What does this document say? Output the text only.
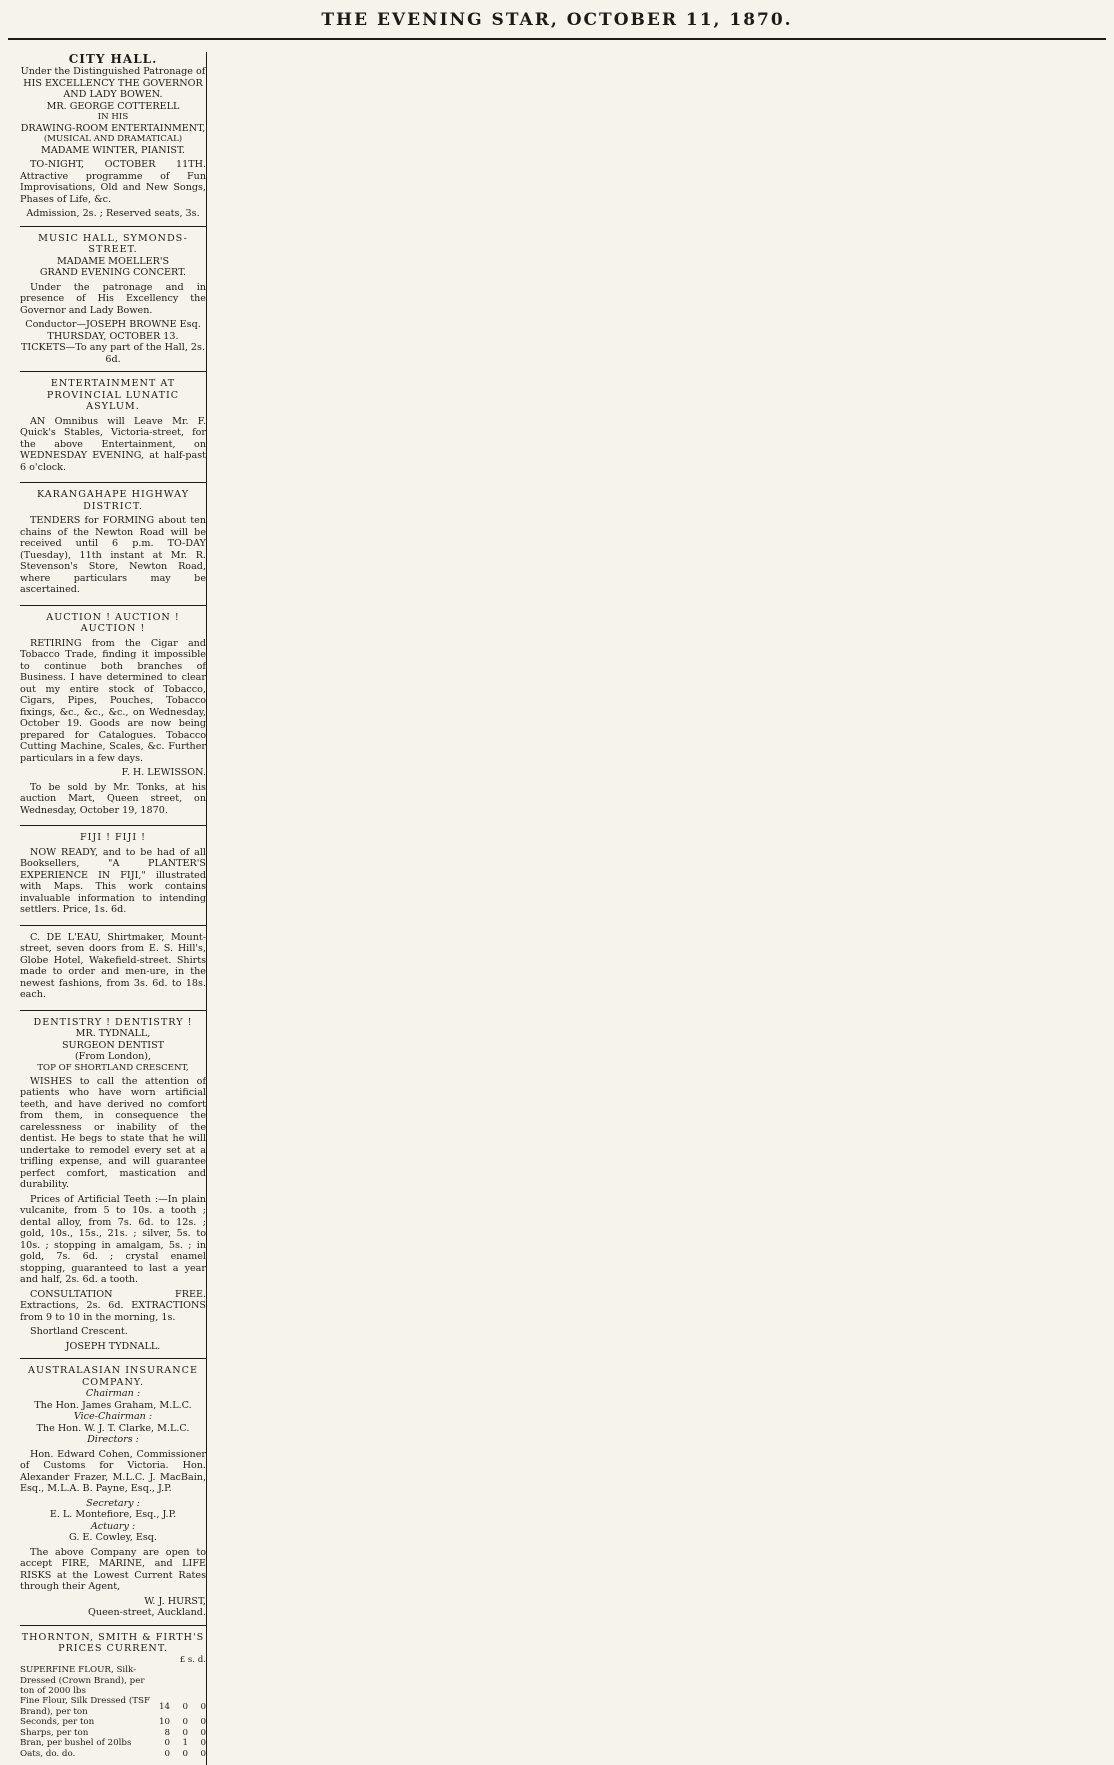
THE EVENING STAR, OCTOBER 11, 1870.
CITY HALL.
Under the Distinguished Patronage of
HIS EXCELLENCY THE GOVERNOR AND LADY BOWEN.
MR. GEORGE COTTERELL
IN HIS
DRAWING-ROOM ENTERTAINMENT,
(MUSICAL AND DRAMATICAL)
MADAME WINTER, PIANIST.
TO-NIGHT, OCTOBER 11TH. Attractive programme of Fun Improvisations, Old and New Songs, Phases of Life, &c.
Admission, 2s. ; Reserved seats, 3s.
MUSIC HALL, SYMONDS-STREET.
MADAME MOELLER'S
GRAND EVENING CONCERT.
Under the patronage and in presence of His Excellency the Governor and Lady Bowen.
Conductor—JOSEPH BROWNE Esq.
THURSDAY, OCTOBER 13.
TICKETS—To any part of the Hall, 2s. 6d.
ENTERTAINMENT AT PROVINCIAL LUNATIC ASYLUM.
AN Omnibus will Leave Mr. F. Quick's Stables, Victoria-street, for the above Entertainment, on WEDNESDAY EVENING, at half-past 6 o'clock.
KARANGAHAPE HIGHWAY DISTRICT.
TENDERS for FORMING about ten chains of the Newton Road will be received until 6 p.m. TO-DAY (Tuesday), 11th instant at Mr. R. Stevenson's Store, Newton Road, where particulars may be ascertained.
AUCTION ! AUCTION ! AUCTION !
RETIRING from the Cigar and Tobacco Trade, finding it impossible to continue both branches of Business. I have determined to clear out my entire stock of Tobacco, Cigars, Pipes, Pouches, Tobacco fixings, &c., &c., &c., on Wednesday, October 19. Goods are now being prepared for Catalogues. Tobacco Cutting Machine, Scales, &c. Further particulars in a few days.
F. H. LEWISSON.
To be sold by Mr. Tonks, at his auction Mart, Queen street, on Wednesday, October 19, 1870.
FIJI ! FIJI !
NOW READY, and to be had of all Booksellers, "A PLANTER'S EXPERIENCE IN FIJI," illustrated with Maps. This work contains invaluable information to intending settlers. Price, 1s. 6d.
C. DE L'EAU, Shirtmaker, Mount-street, seven doors from E. S. Hill's, Globe Hotel, Wakefield-street. Shirts made to order and men-ure, in the newest fashions, from 3s. 6d. to 18s. each.
DENTISTRY ! DENTISTRY !
MR. TYDNALL,
SURGEON DENTIST
(From London),
TOP OF SHORTLAND CRESCENT,
WISHES to call the attention of patients who have worn artificial teeth, and have derived no comfort from them, in consequence the carelessness or inability of the dentist. He begs to state that he will undertake to remodel every set at a trifling expense, and will guarantee perfect comfort, mastication and durability.
Prices of Artificial Teeth :—In plain vulcanite, from 5 to 10s. a tooth ; dental alloy, from 7s. 6d. to 12s. ; gold, 10s., 15s., 21s. ; silver, 5s. to 10s. ; stopping in amalgam, 5s. ; in gold, 7s. 6d. ; crystal enamel stopping, guaranteed to last a year and half, 2s. 6d. a tooth.
CONSULTATION FREE. Extractions, 2s. 6d. EXTRACTIONS from 9 to 10 in the morning, 1s.
Shortland Crescent.
JOSEPH TYDNALL.
AUSTRALASIAN INSURANCE COMPANY.
Chairman :
The Hon. James Graham, M.L.C.
Vice-Chairman :
The Hon. W. J. T. Clarke, M.L.C.
Directors :
Hon. Edward Cohen, Commissioner of Customs for Victoria. Hon. Alexander Frazer, M.L.C. J. MacBain, Esq., M.L.A. B. Payne, Esq., J.P.
Secretary :
E. L. Montefiore, Esq., J.P.
Actuary :
G. E. Cowley, Esq.
The above Company are open to accept FIRE, MARINE, and LIFE RISKS at the Lowest Current Rates through their Agent,
W. J. HURST,
Queen-street, Auckland.
THORNTON, SMITH & FIRTH'S PRICES CURRENT.
£ s. d.
SUPERFINE FLOUR, Silk-Dressed (Crown Brand), per ton of 2000 lbs			
Fine Flour, Silk Dressed (TSF Brand), per ton	14	0	0
Seconds, per ton	10	0	0
Sharps, per ton	8	0	0
Bran, per bushel of 20lbs	0	1	0
Oats, do. do.	0	0	0
